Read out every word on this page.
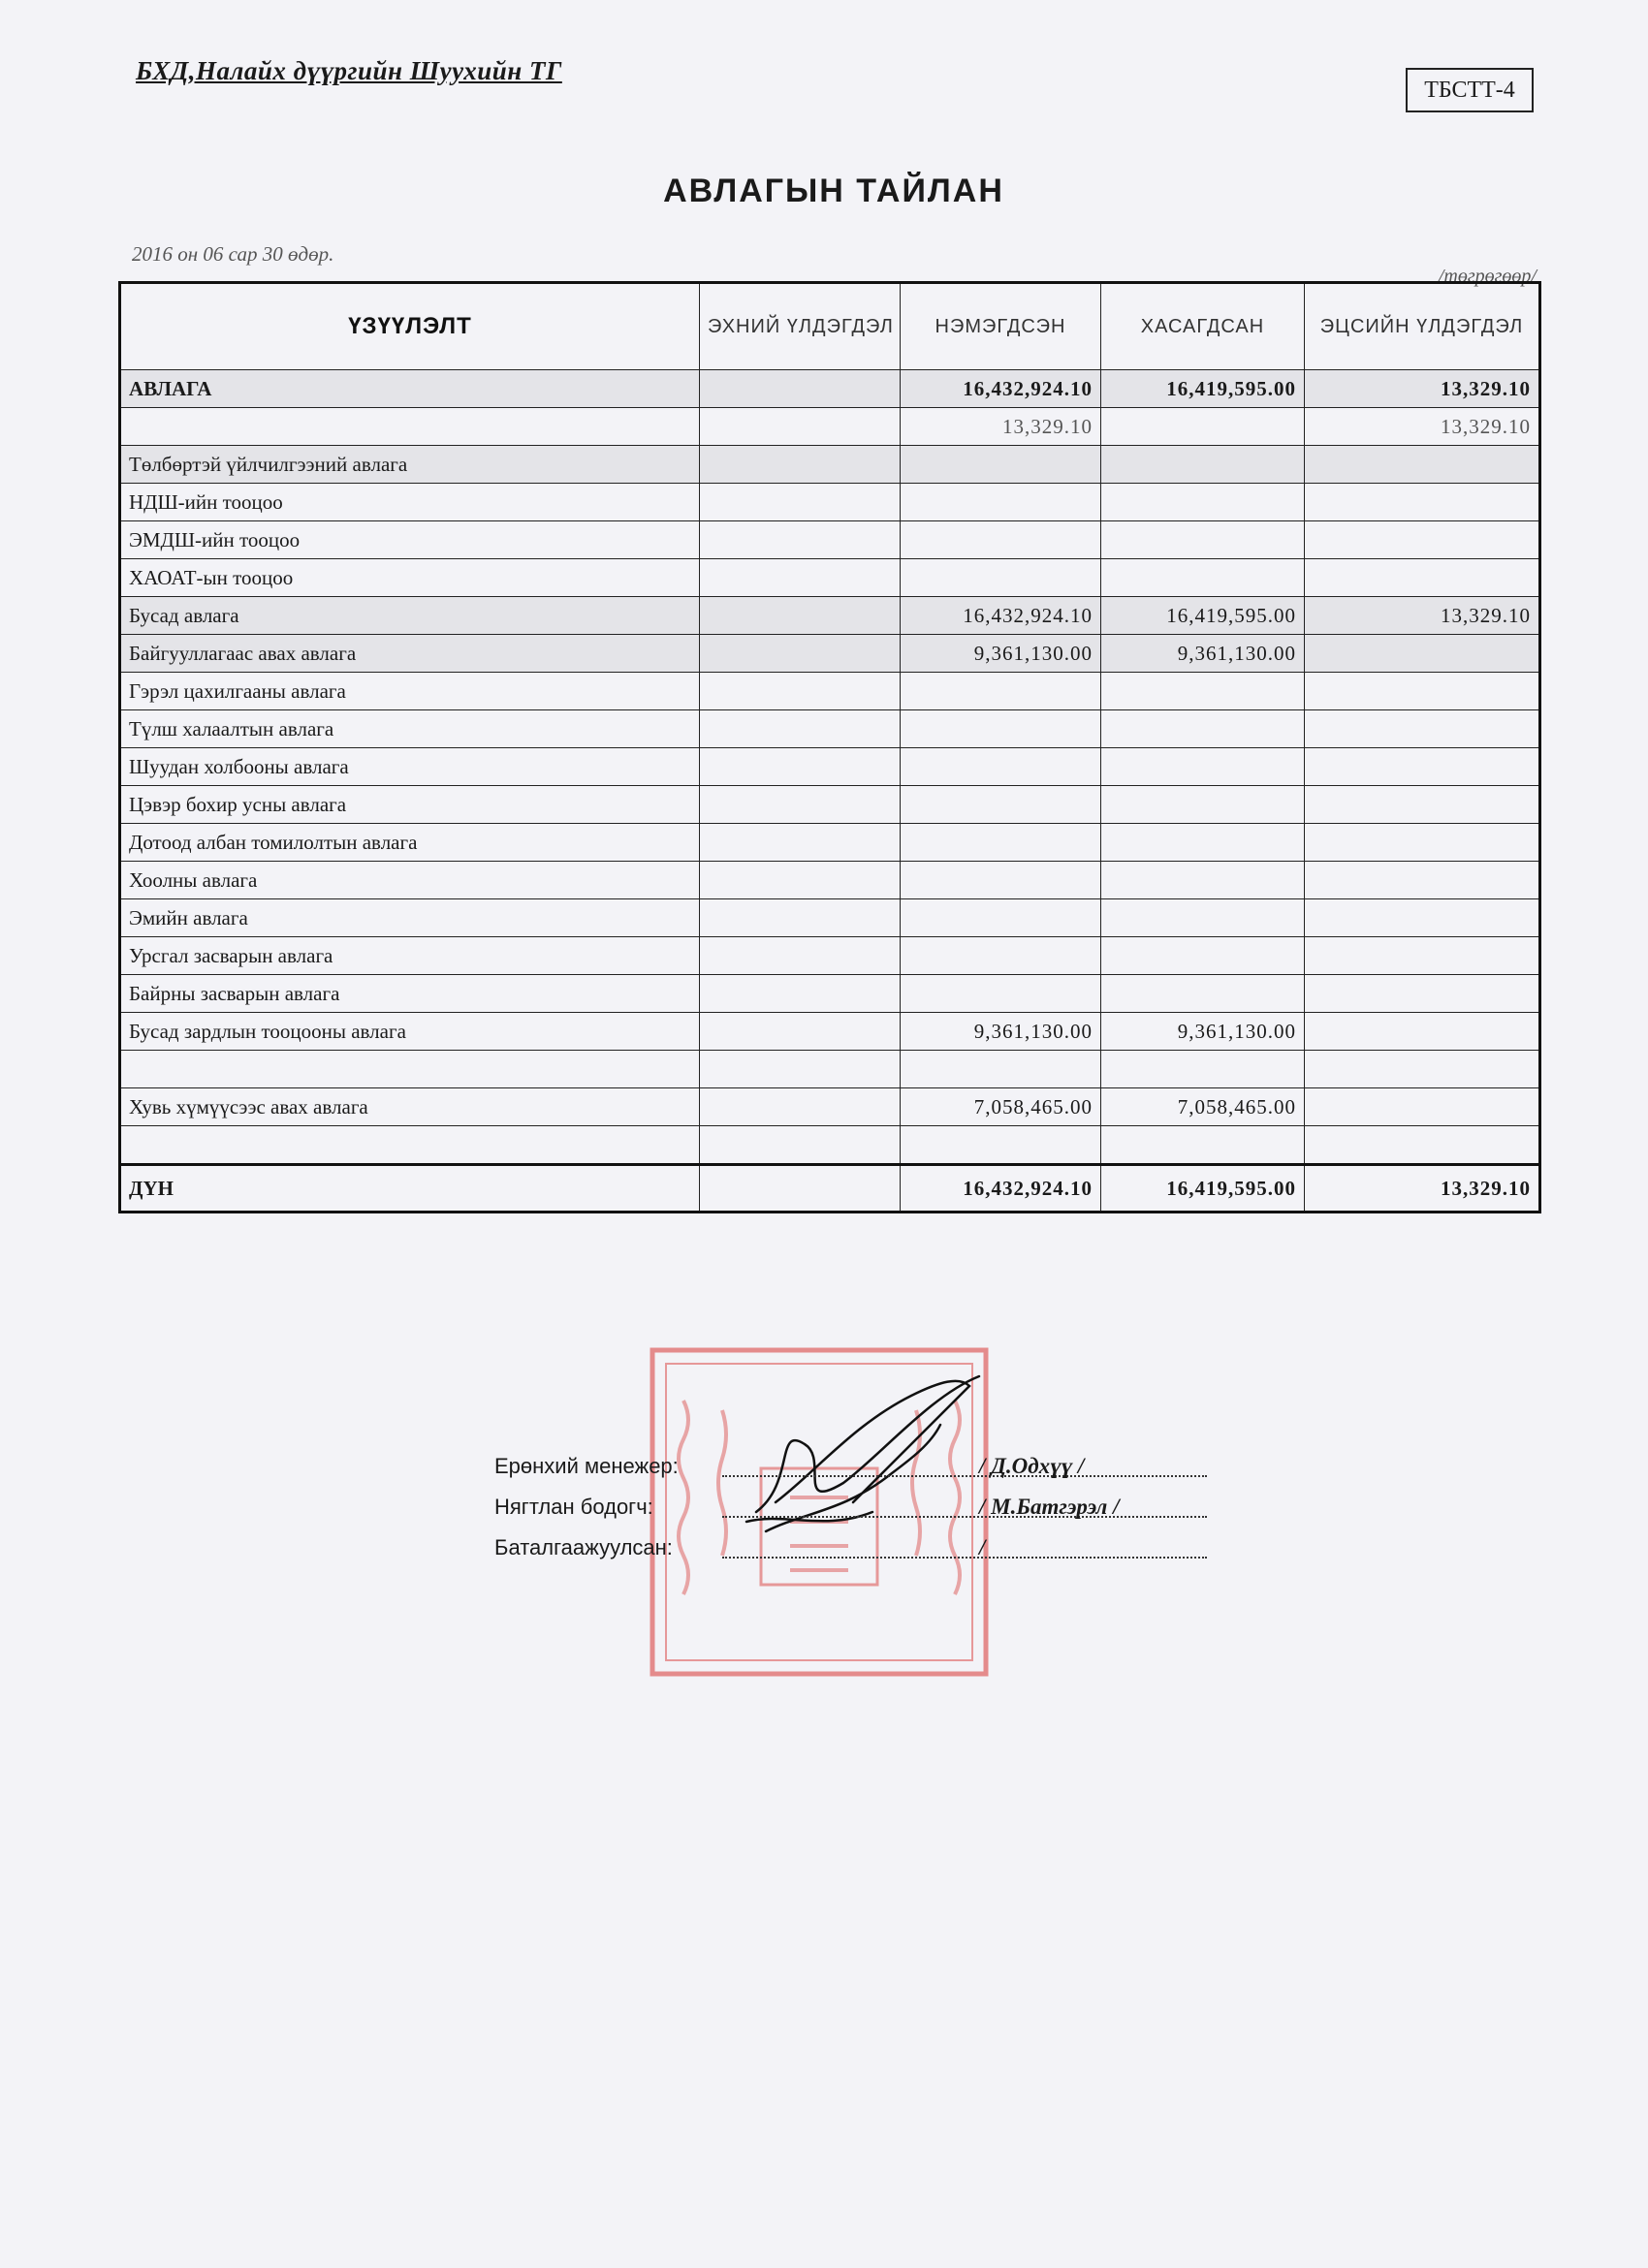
БХД,Налайх дүүргийн Шуухийн ТГ
ТБСТТ-4
АВЛАГЫН ТАЙЛАН
2016 он 06 сар 30 өдөр.
/төгрөгөөр/
ҮЗҮҮЛЭЛТ	ЭХНИЙ ҮЛДЭГДЭЛ	НЭМЭГДСЭН	ХАСАГДСАН	ЭЦСИЙН ҮЛДЭГДЭЛ
АВЛАГА		16,432,924.10	16,419,595.00	13,329.10
		13,329.10		13,329.10
Төлбөртэй үйлчилгээний авлага				
НДШ-ийн тооцоо				
ЭМДШ-ийн тооцоо				
ХАОАТ-ын тооцоо				
Бусад авлага		16,432,924.10	16,419,595.00	13,329.10
Байгууллагаас авах авлага		9,361,130.00	9,361,130.00	
Гэрэл цахилгааны авлага				
Түлш халаалтын авлага				
Шуудан холбооны авлага				
Цэвэр бохир усны авлага				
Дотоод албан томилолтын авлага				
Хоолны авлага				
Эмийн авлага				
Урсгал засварын авлага				
Байрны засварын авлага				
Бусад зардлын тооцооны авлага		9,361,130.00	9,361,130.00	

Хувь хүмүүсээс авах авлага		7,058,465.00	7,058,465.00	

ДҮН		16,432,924.10	16,419,595.00	13,329.10
Ерөнхий менежер:	/ Д.Одхүү /
Нягтлан бодогч:	/ М.Батгэрэл /
Баталгаажуулсан:	/
